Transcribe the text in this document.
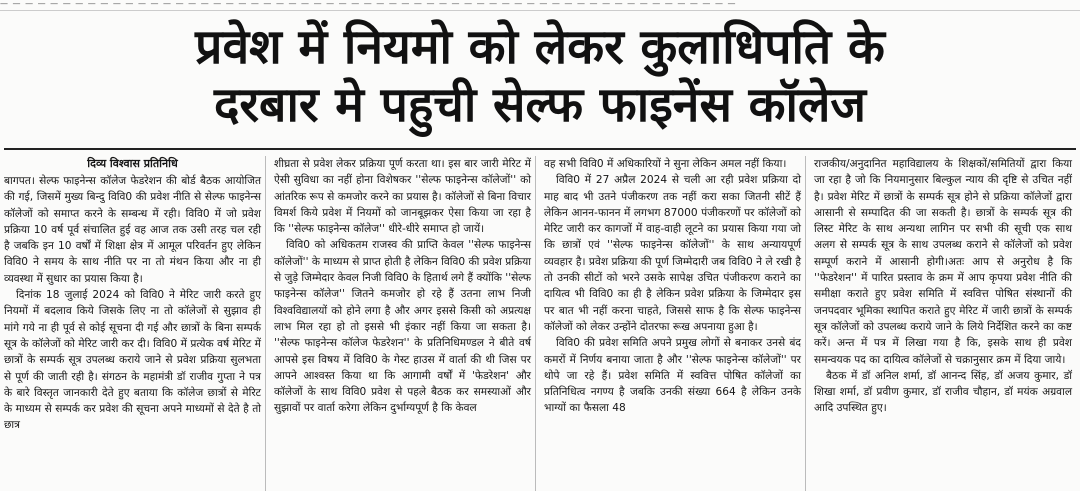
— — — — — — — — — — — — — — — — — — — — — — — — — — — — — — — — — — — — — — — — — — — — — — — — — — — — — — — — — — —
प्रवेश में नियमो को लेकर कुलाधिपति के
दरबार मे पहुची सेल्फ फाइनेंस कॉलेज
दिव्य विश्वास प्रतिनिधि

बागपत। सेल्फ फाइनेन्स कॉलेज फेडरेशन की बोर्ड बैठक आयोजित की गई, जिसमें मुख्य बिन्दु विवि0 की प्रवेश नीति से सेल्फ फाइनेन्स कॉलेजों को समाप्त करने के सम्बन्ध में रही। विवि0 में जो प्रवेश प्रक्रिया 10 वर्ष पूर्व संचालित हुई वह आज तक उसी तरह चल रही है जबकि इन 10 वर्षों में शिक्षा क्षेत्र में आमूल परिवर्तन हुए लेकिन विवि0 ने समय के साथ नीति पर ना तो मंथन किया और ना ही व्यवस्था में सुधार का प्रयास किया है।

दिनांक 18 जुलाई 2024 को विवि0 ने मेरिट जारी करते हुए नियमों में बदलाव किये जिसके लिए ना तो कॉलेजों से सुझाव ही मांगे गये ना ही पूर्व से कोई सूचना दी गई और छात्रों के बिना सम्पर्क सूत्र के कॉलेजों को मेरिट जारी कर दी। विवि0 में प्रत्येक वर्ष मेरिट में छात्रों के सम्पर्क सूत्र उपलब्ध कराये जाने से प्रवेश प्रक्रिया सुलभता से पूर्ण की जाती रही है। संगठन के महामंत्री डॉ राजीव गुप्ता ने पत्र के बारे विस्तृत जानकारी देते हुए बताया कि कॉलेज छात्रों से मेरिट के माध्यम से सम्पर्क कर प्रवेश की सूचना अपने माध्यमों से देते है तो छात्र

शीघ्रता से प्रवेश लेकर प्रक्रिया पूर्ण करता था। इस बार जारी मेरिट में ऐसी सुविधा का नहीं होना विशेषकर ''सेल्फ फाइनेन्स कॉलेजों'' को आंतरिक रूप से कमजोर करने का प्रयास है। कॉलेजों से बिना विचार विमर्श किये प्रवेश में नियमों को जानबूझकर ऐसा किया जा रहा है कि ''सेल्फ फाइनेन्स कॉलेज'' धीरे-धीरे समाप्त हो जायें।

विवि0 को अधिकतम राजस्व की प्राप्ति केवल ''सेल्फ फाइनेन्स कॉलेजों'' के माध्यम से प्राप्त होती है लेकिन विवि0 की प्रवेश प्रक्रिया से जुड़े जिम्मेदार केवल निजी विवि0 के हितार्थ लगे हैं क्योंकि ''सेल्फ फाइनेन्स कॉलेज'' जितने कमजोर हो रहे हैं उतना लाभ निजी विश्वविद्यालयों को होने लगा है और अगर इससे किसी को अप्रत्यक्ष लाभ मिल रहा हो तो इससे भी इंकार नहीं किया जा सकता है। ''सेल्फ फाइनेन्स कॉलेज फेडरेशन'' के प्रतिनिधिमण्डल ने बीते वर्ष आपसे इस विषय में विवि0 के गेस्ट हाउस में वार्ता की थी जिस पर आपने आश्वस्त किया था कि आगामी वर्षों में 'फेडरेशन' और कॉलेजों के साथ विवि0 प्रवेश से पहले बैठक कर समस्याओं और सुझावों पर वार्ता करेगा लेकिन दुर्भाग्यपूर्ण है कि केवल

वह सभी विवि0 में अधिकारियों ने सुना लेकिन अमल नहीं किया।

विवि0 में 27 अप्रैल 2024 से चली आ रही प्रवेश प्रक्रिया दो माह बाद भी उतने पंजीकरण तक नहीं करा सका जितनी सीटें हैं लेकिन आनन-फानन में लगभग 87000 पंजीकरणों पर कॉलेजों को मेरिट जारी कर कागजों में वाह-वाही लूटने का प्रयास किया गया जो कि छात्रों एवं ''सेल्फ फाइनेन्स कॉलेजों'' के साथ अन्यायपूर्ण व्यवहार है। प्रवेश प्रक्रिया की पूर्ण जिम्मेदारी जब विवि0 ने ले रखी है तो उनकी सीटों को भरने उसके सापेक्ष उचित पंजीकरण कराने का दायित्व भी विवि0 का ही है लेकिन प्रवेश प्रक्रिया के जिम्मेदार इस पर बात भी नहीं करना चाहते, जिससे साफ है कि सेल्फ फाइनेन्स कॉलेजों को लेकर उन्होंने दोतरफा रूख अपनाया हुआ है।

विवि0 की प्रवेश समिति अपने प्रमुख लोगों से बनाकर उनसे बंद कमरों में निर्णय बनाया जाता है और ''सेल्फ फाइनेन्स कॉलेजों'' पर थोपे जा रहे हैं। प्रवेश समिति में स्ववित्त पोषित कॉलेजों का प्रतिनिधित्व नगण्य है जबकि उनकी संख्या 664 है लेकिन उनके भाग्यों का फैसला 48

राजकीय/अनुदानित महाविद्यालय के शिक्षकों/समितियों द्वारा किया जा रहा है जो कि नियमानुसार बिल्कुल न्याय की दृष्टि से उचित नहीं है। प्रवेश मेरिट में छात्रों के सम्पर्क सूत्र होने से प्रक्रिया कॉलेजों द्वारा आसानी से सम्पादित की जा सकती है। छात्रों के सम्पर्क सूत्र की लिस्ट मेरिट के साथ अन्यथा लागिन पर सभी की सूची एक साथ अलग से सम्पर्क सूत्र के साथ उपलब्ध कराने से कॉलेजों को प्रवेश सम्पूर्ण कराने में आसानी होगी।अतः आप से अनुरोध है कि ''फेडरेशन'' में पारित प्रस्ताव के क्रम में आप कृपया प्रवेश नीति की समीक्षा कराते हुए प्रवेश समिति में स्ववित्त पोषित संस्थानों की जनपदवार भूमिका स्थापित कराते हुए मेरिट में जारी छात्रों के सम्पर्क सूत्र कॉलेजों को उपलब्ध कराये जाने के लिये निर्देशित करने का कष्ट करें। अन्त में पत्र में लिखा गया है कि, इसके साथ ही प्रवेश समन्वयक पद का दायित्व कॉलेजों से चक्रानुसार क्रम में दिया जाये।

बैठक में डॉ अनिल शर्मा, डॉ आनन्द सिंह, डॉ अजय कुमार, डॉ शिखा शर्मा, डॉ प्रवीण कुमार, डॉ राजीव चौहान, डॉ मयंक अग्रवाल आदि उपस्थित हुए।
